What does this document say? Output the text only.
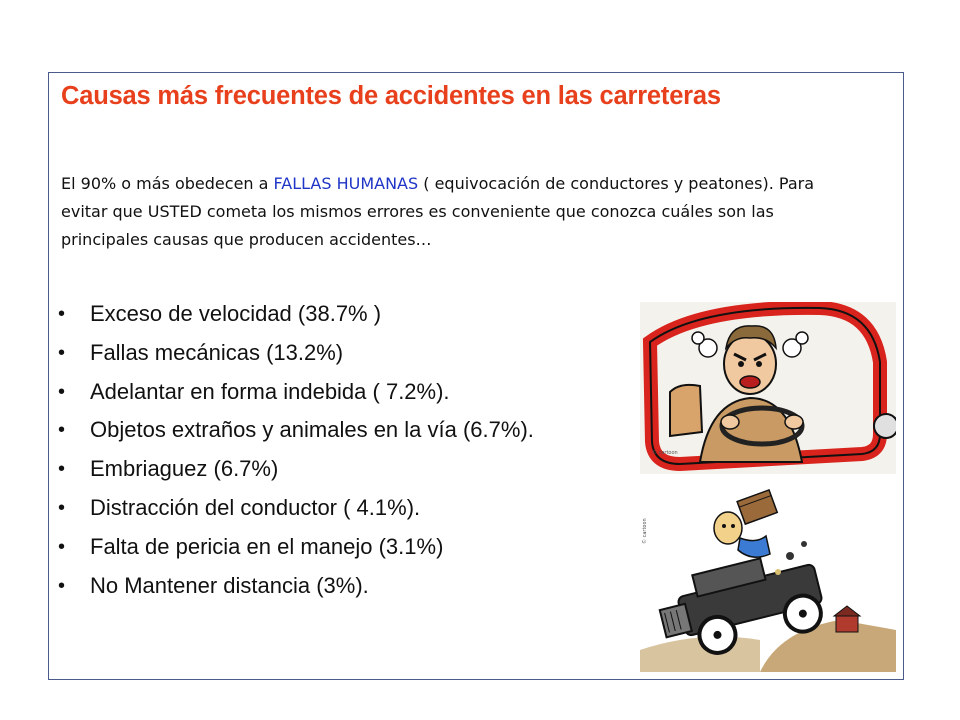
Causas más frecuentes de accidentes en las carreteras

El 90% o más obedecen a FALLAS HUMANAS ( equivocación de conductores y peatones). Para evitar que USTED cometa los mismos errores es conveniente que conozca cuáles son las principales causas que producen accidentes…

•	Exceso de velocidad (38.7% )
•	Fallas mecánicas (13.2%)
•	Adelantar en forma indebida ( 7.2%).
•	Objetos extraños y animales en la vía (6.7%).
•	Embriaguez (6.7%)
•	Distracción del conductor ( 4.1%).
•	Falta de pericia en el manejo (3.1%)
•	No Mantener distancia (3%).
© cartoon
© cartoon
